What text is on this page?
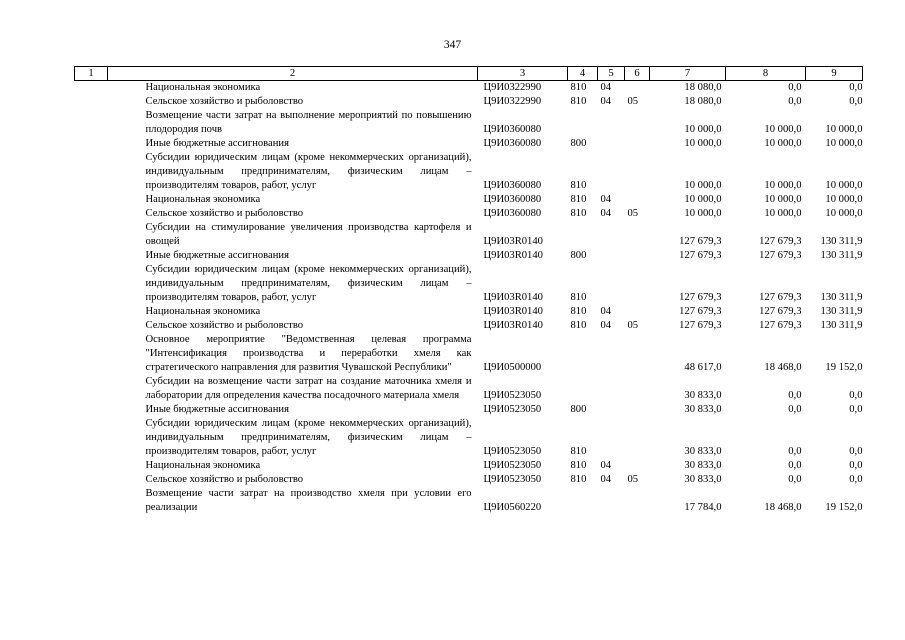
347
1	2	3	4	5	6	7	8	9
	Национальная экономика	Ц9И0322990	810	04		18 080,0	0,0	0,0
	Сельское хозяйство и рыболовство	Ц9И0322990	810	04	05	18 080,0	0,0	0,0
	Возмещение части затрат на выполнение мероприятий по повышению плодородия почв	Ц9И0360080				10 000,0	10 000,0	10 000,0
	Иные бюджетные ассигнования	Ц9И0360080	800			10 000,0	10 000,0	10 000,0
	Субсидии юридическим лицам (кроме некоммерческих организаций), индивидуальным предпринимателям, физическим лицам – производителям товаров, работ, услуг	Ц9И0360080	810			10 000,0	10 000,0	10 000,0
	Национальная экономика	Ц9И0360080	810	04		10 000,0	10 000,0	10 000,0
	Сельское хозяйство и рыболовство	Ц9И0360080	810	04	05	10 000,0	10 000,0	10 000,0
	Субсидии на стимулирование увеличения производства картофеля и овощей	Ц9И03R0140				127 679,3	127 679,3	130 311,9
	Иные бюджетные ассигнования	Ц9И03R0140	800			127 679,3	127 679,3	130 311,9
	Субсидии юридическим лицам (кроме некоммерческих организаций), индивидуальным предпринимателям, физическим лицам – производителям товаров, работ, услуг	Ц9И03R0140	810			127 679,3	127 679,3	130 311,9
	Национальная экономика	Ц9И03R0140	810	04		127 679,3	127 679,3	130 311,9
	Сельское хозяйство и рыболовство	Ц9И03R0140	810	04	05	127 679,3	127 679,3	130 311,9
	Основное мероприятие "Ведомственная целевая программа "Интенсификация производства и переработки хмеля как стратегического направления для развития Чувашской Республики"	Ц9И0500000				48 617,0	18 468,0	19 152,0
	Субсидии на возмещение части затрат на создание маточника хмеля и лаборатории для определения качества посадочного материала хмеля	Ц9И0523050				30 833,0	0,0	0,0
	Иные бюджетные ассигнования	Ц9И0523050	800			30 833,0	0,0	0,0
	Субсидии юридическим лицам (кроме некоммерческих организаций), индивидуальным предпринимателям, физическим лицам – производителям товаров, работ, услуг	Ц9И0523050	810			30 833,0	0,0	0,0
	Национальная экономика	Ц9И0523050	810	04		30 833,0	0,0	0,0
	Сельское хозяйство и рыболовство	Ц9И0523050	810	04	05	30 833,0	0,0	0,0
	Возмещение части затрат на производство хмеля при условии его реализации	Ц9И0560220				17 784,0	18 468,0	19 152,0
